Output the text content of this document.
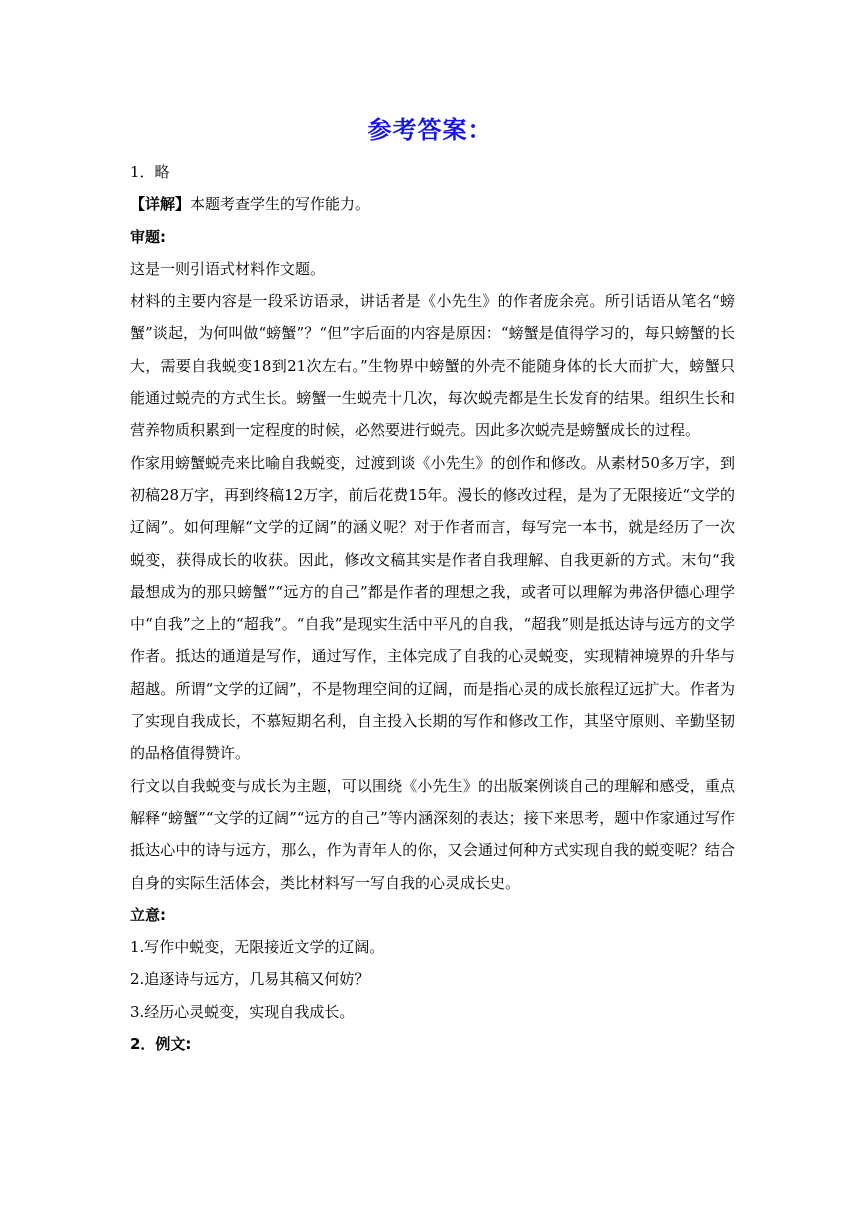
参考答案：

1．略

【详解】本题考查学生的写作能力。

审题:

这是一则引语式材料作文题。

材料的主要内容是一段采访语录，讲话者是《小先生》的作者庞余亮。所引话语从笔名“螃蟹”谈起，为何叫做“螃蟹”？“但”字后面的内容是原因：“螃蟹是值得学习的，每只螃蟹的长大，需要自我蜕变18到21次左右。”生物界中螃蟹的外壳不能随身体的长大而扩大，螃蟹只能通过蜕壳的方式生长。螃蟹一生蜕壳十几次，每次蜕壳都是生长发育的结果。组织生长和营养物质积累到一定程度的时候，必然要进行蜕壳。因此多次蜕壳是螃蟹成长的过程。

作家用螃蟹蜕壳来比喻自我蜕变，过渡到谈《小先生》的创作和修改。从素材50多万字，到初稿28万字，再到终稿12万字，前后花费15年。漫长的修改过程，是为了无限接近“文学的辽阔”。如何理解“文学的辽阔”的涵义呢？对于作者而言，每写完一本书，就是经历了一次蜕变，获得成长的收获。因此，修改文稿其实是作者自我理解、自我更新的方式。末句“我最想成为的那只螃蟹”“远方的自己”都是作者的理想之我，或者可以理解为弗洛伊德心理学中“自我”之上的“超我”。“自我”是现实生活中平凡的自我，“超我”则是抵达诗与远方的文学作者。抵达的通道是写作，通过写作，主体完成了自我的心灵蜕变，实现精神境界的升华与超越。所谓“文学的辽阔”，不是物理空间的辽阔，而是指心灵的成长旅程辽远扩大。作者为了实现自我成长，不慕短期名利，自主投入长期的写作和修改工作，其坚守原则、辛勤坚韧的品格值得赞许。

行文以自我蜕变与成长为主题，可以围绕《小先生》的出版案例谈自己的理解和感受，重点解释“螃蟹”“文学的辽阔”“远方的自己”等内涵深刻的表达；接下来思考，题中作家通过写作抵达心中的诗与远方，那么，作为青年人的你，又会通过何种方式实现自我的蜕变呢？结合自身的实际生活体会，类比材料写一写自我的心灵成长史。

立意:

1.写作中蜕变，无限接近文学的辽阔。

2.追逐诗与远方，几易其稿又何妨？

3.经历心灵蜕变，实现自我成长。

2．例文:
